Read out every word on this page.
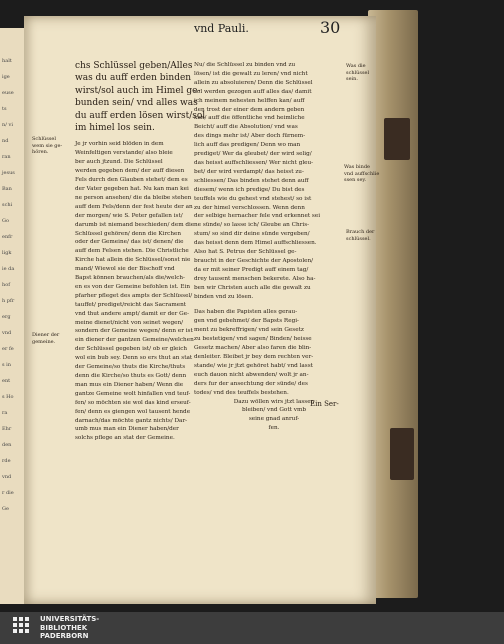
halt
ige
euse
ts
n/ vi
nd
ran
jesus
Ban
schi
Go
enfr
ligk
ie da
hof
h pfr
erg
vnd
er fe
s in
ent
s Ho
ra
Ehr
den
rde
vnd
r die
Ge
vnd Pauli.	30
chs Schlüssel geben/Alles
was du auff erden binden
wirst/sol auch im Himel ge-
bunden sein/ vnd alles was
du auff erden lösen wirst/sol
im himel los sein.
Je jr vorhin seid blöden in dem
Weinfeltigen verstande/ also bleie
ber auch jtzund. Die Schlüssel
werden gegeben dem/ der auff diesen
Fels durch den Glauben stehet/ dem es
der Vater gegeben hat. Nu kan man kei
ne person ansehen/ die da bleibe stehen
auff dem Fels/denn der fest heute der an
der morgen/ wie S. Peter gefallen ist/
darumb ist niemand beschieden/ dem die
Schlüssel gehören/ denn die Kirchen
oder der Gemeine/ das ist/ denen/ die
auff dem Felsen stehen. Die Christliche
Kirche hat allein die Schlüssel/sonst nie
mand/ Wiewol sie der Bischoff vnd
Bapst können brauchen/als die/welch-
en es von der Gemeine befohlen ist. Ein
pfarher pfleget des ampts der Schlüssel/
tauffet/ prediget/reicht das Sacrament
vnd thut andere ampt/ damit er der Ge-
meine dienet/nicht von seinet wegen/
sondern der Gemeine wegen/ denn er ist
ein diener der gantzen Gemeine/welchen
der Schlüssel gegeben ist/ ob er gleich
wol ein bub sey. Denn so ers thut an stat
der Gemeine/so thuts die Kirche/thuts
denn die Kirche/so thuts es Gott/ denn
man mus ein Diener haben/ Wenn die
gantze Gemeine wolt hinfallen vnd teuf-
fen/ so möchten sie wol das kind erseuf-
fen/ denn es giengen wol tausent hende
darnach/das möchte gantz nichts/ Dar-
umb mus man ein Diener haben/der
solchs pflege an stat der Gemeine.
Nu/ die Schlüssel zu binden vnd zu
lösen/ ist die gewalt zu leren/ vnd nicht
allein zu absoluieren/ Denn die Schlüssel
sol werden gezogen auff alles das/ damit
ich meinem nehesten helffen kan/ auff
den trost der einer dem andern geben
kan/ auff die öffentliche vnd heimliche
Beicht/ auff die Absolution/ vnd was
des dings mehr ist/ Aber doch fürnem-
lich auff das predigen/ Denn wo man
prediget/ Wer da gleubet/ der wird selig/
das heisst auffschliessen/ Wer nicht gleu-
bet/ der wird verdampt/ das heisst zu-
schliessen/ Das binden stehet denn auff
diesem/ wenn ich predige/ Du bist des
teuffels wie du gehest vnd stehest/ so ist
zu der himel verschlossen. Wenn denn
der selbige hernacher fele vnd erkennet sei
ne sünde/ so lasse ich/ Gleube an Chris-
stum/ so sind dir deine sünde vergeben/
das heisst denn dem Himel auffschliessen.
Also hat S. Petrus der Schlüssel ge-
braucht in der Geschichte der Apostolen/
da er mit seiner Predigt auff einem tag/
drey tausent menschen bekerete. Also ha-
ben wir Christen auch alle die gewalt zu
binden vnd zu lösen.
Das haben die Papisten alles gerau-
gen vnd gebehmet/ der Bapsts Regi-
ment zu bekreffrigen/ vnd sein Gesetz
zu bestetigen/ vnd sagen/ Binden/ heisse
Gesetz machen/ Aber also faren die blin-
denleiter. Bleibet jr bey dem rechten ver-
stande/ wie jr jtzt gehöret habt/ vnd lasst
euch dauon nicht abwenden/ wolt jr an-
ders fur der ansechtung der sünde/ des
todes/ vnd des teuffels bestehen.
Dazu wöllen wirs jtzt lassen
bleiben/ vnd Gott vmb
seine gnad anruf-
fen.
Schlüssel
wem sie ge-
hören.
Diener der
gemeine.
Was die
schlüssel
sein.
Was binde
vnd auffschlie
ssen sey.
Brauch der
schlüssel.
Ein Ser-
UNIVERSITÄTS-
BIBLIOTHEK
PADERBORN
